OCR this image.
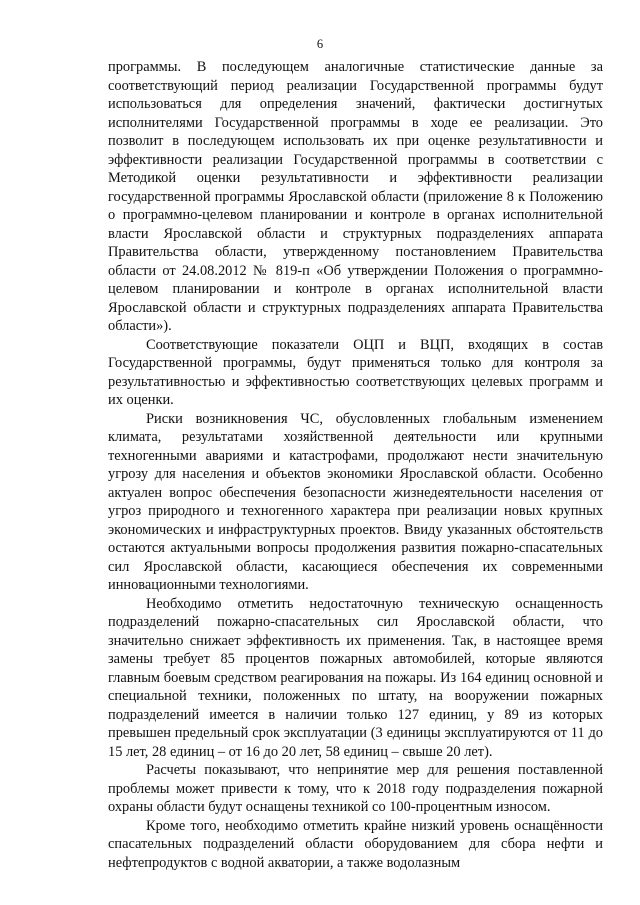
6

программы. В последующем аналогичные статистические данные за соответствующий период реализации Государственной программы будут использоваться для определения значений, фактически достигнутых исполнителями Государственной программы в ходе ее реализации. Это позволит в последующем использовать их при оценке результативности и эффективности реализации Государственной программы в соответствии с Методикой оценки результативности и эффективности реализации государственной программы Ярославской области (приложение 8 к Положению о программно-целевом планировании и контроле в органах исполнительной власти Ярославской области и структурных подразделениях аппарата Правительства области, утвержденному постановлением Правительства области от 24.08.2012 № 819-п «Об утверждении Положения о программно-целевом планировании и контроле в органах исполнительной власти Ярославской области и структурных подразделениях аппарата Правительства области»).

Соответствующие показатели ОЦП и ВЦП, входящих в состав Государственной программы, будут применяться только для контроля за результативностью и эффективностью соответствующих целевых программ и их оценки.

Риски возникновения ЧС, обусловленных глобальным изменением климата, результатами хозяйственной деятельности или крупными техногенными авариями и катастрофами, продолжают нести значительную угрозу для населения и объектов экономики Ярославской области. Особенно актуален вопрос обеспечения безопасности жизнедеятельности населения от угроз природного и техногенного характера при реализации новых крупных экономических и инфраструктурных проектов. Ввиду указанных обстоятельств остаются актуальными вопросы продолжения развития пожарно-спасательных сил Ярославской области, касающиеся обеспечения их современными инновационными технологиями.

Необходимо отметить недостаточную техническую оснащенность подразделений пожарно-спасательных сил Ярославской области, что значительно снижает эффективность их применения. Так, в настоящее время замены требует 85 процентов пожарных автомобилей, которые являются главным боевым средством реагирования на пожары. Из 164 единиц основной и специальной техники, положенных по штату, на вооружении пожарных подразделений имеется в наличии только 127 единиц, у 89 из которых превышен предельный срок эксплуатации (3 единицы эксплуатируются от 11 до 15 лет, 28 единиц – от 16 до 20 лет, 58 единиц – свыше 20 лет).

Расчеты показывают, что непринятие мер для решения поставленной проблемы может привести к тому, что к 2018 году подразделения пожарной охраны области будут оснащены техникой со 100-процентным износом.

Кроме того, необходимо отметить крайне низкий уровень оснащённости спасательных подразделений области оборудованием для сбора нефти и нефтепродуктов с водной акватории, а также водолазным
